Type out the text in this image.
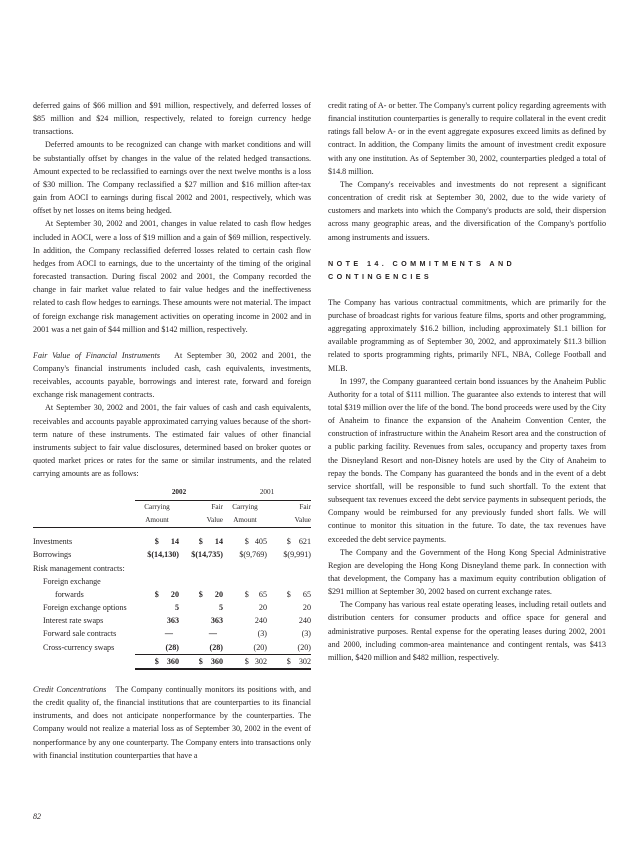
deferred gains of $66 million and $91 million, respectively, and deferred losses of $85 million and $24 million, respectively, related to foreign currency hedge transactions.

Deferred amounts to be recognized can change with market conditions and will be substantially offset by changes in the value of the related hedged transactions. Amount expected to be reclassified to earnings over the next twelve months is a loss of $30 million. The Company reclassified a $27 million and $16 million after-tax gain from AOCI to earnings during fiscal 2002 and 2001, respectively, which was offset by net losses on items being hedged.

At September 30, 2002 and 2001, changes in value related to cash flow hedges included in AOCI, were a loss of $19 million and a gain of $69 million, respectively. In addition, the Company reclassified deferred losses related to certain cash flow hedges from AOCI to earnings, due to the uncertainty of the timing of the original forecasted transaction. During fiscal 2002 and 2001, the Company recorded the change in fair market value related to fair value hedges and the ineffectiveness related to cash flow hedges to earnings. These amounts were not material. The impact of foreign exchange risk management activities on operating income in 2002 and in 2001 was a net gain of $44 million and $142 million, respectively.

Fair Value of Financial Instruments At September 30, 2002 and 2001, the Company's financial instruments included cash, cash equivalents, investments, receivables, accounts payable, borrowings and interest rate, forward and foreign exchange risk management contracts.

At September 30, 2002 and 2001, the fair values of cash and cash equivalents, receivables and accounts payable approximated carrying values because of the short-term nature of these instruments. The estimated fair values of other financial instruments subject to fair value disclosures, determined based on broker quotes or quoted market prices or rates for the same or similar instruments, and the related carrying amounts are as follows:

	2002		2001	
	Carrying	Fair	Carrying	Fair
	Amount	Value	Amount	Value

Investments	$      14	$      14	$   405	$    621
Borrowings	$(14,130)	$(14,735)	$(9,769)	$(9,991)
Risk management contracts:				
Foreign exchange				
forwards	$      20	$      20	$     65	$      65
Foreign exchange options	5	5	20	20
Interest rate swaps	363	363	240	240
Forward sale contracts	—	—	(3)	(3)
Cross-currency swaps	(28)	(28)	(20)	(20)
	$    360	$    360	$   302	$    302

Credit Concentrations The Company continually monitors its positions with, and the credit quality of, the financial institutions that are counterparties to its financial instruments, and does not anticipate nonperformance by the counterparties. The Company would not realize a material loss as of September 30, 2002 in the event of nonperformance by any one counterparty. The Company enters into transactions only with financial institution counterparties that have a

credit rating of A- or better. The Company's current policy regarding agreements with financial institution counterparties is generally to require collateral in the event credit ratings fall below A- or in the event aggregate exposures exceed limits as defined by contract. In addition, the Company limits the amount of investment credit exposure with any one institution. As of September 30, 2002, counterparties pledged a total of $14.8 million.

The Company's receivables and investments do not represent a significant concentration of credit risk at September 30, 2002, due to the wide variety of customers and markets into which the Company's products are sold, their dispersion across many geographic areas, and the diversification of the Company's portfolio among instruments and issuers.

NOTE 14. COMMITMENTS AND CONTINGENCIES

The Company has various contractual commitments, which are primarily for the purchase of broadcast rights for various feature films, sports and other programming, aggregating approximately $16.2 billion, including approximately $1.1 billion for available programming as of September 30, 2002, and approximately $11.3 billion related to sports programming rights, primarily NFL, NBA, College Football and MLB.

In 1997, the Company guaranteed certain bond issuances by the Anaheim Public Authority for a total of $111 million. The guarantee also extends to interest that will total $319 million over the life of the bond. The bond proceeds were used by the City of Anaheim to finance the expansion of the Anaheim Convention Center, the construction of infrastructure within the Anaheim Resort area and the construction of a public parking facility. Revenues from sales, occupancy and property taxes from the Disneyland Resort and non-Disney hotels are used by the City of Anaheim to repay the bonds. The Company has guaranteed the bonds and in the event of a debt service shortfall, will be responsible to fund such shortfall. To the extent that subsequent tax revenues exceed the debt service payments in subsequent periods, the Company would be reimbursed for any previously funded short falls. We will continue to monitor this situation in the future. To date, the tax revenues have exceeded the debt service payments.

The Company and the Government of the Hong Kong Special Administrative Region are developing the Hong Kong Disneyland theme park. In connection with that development, the Company has a maximum equity contribution obligation of $291 million at September 30, 2002 based on current exchange rates.

The Company has various real estate operating leases, including retail outlets and distribution centers for consumer products and office space for general and administrative purposes. Rental expense for the operating leases during 2002, 2001 and 2000, including common-area maintenance and contingent rentals, was $413 million, $420 million and $482 million, respectively.

82
